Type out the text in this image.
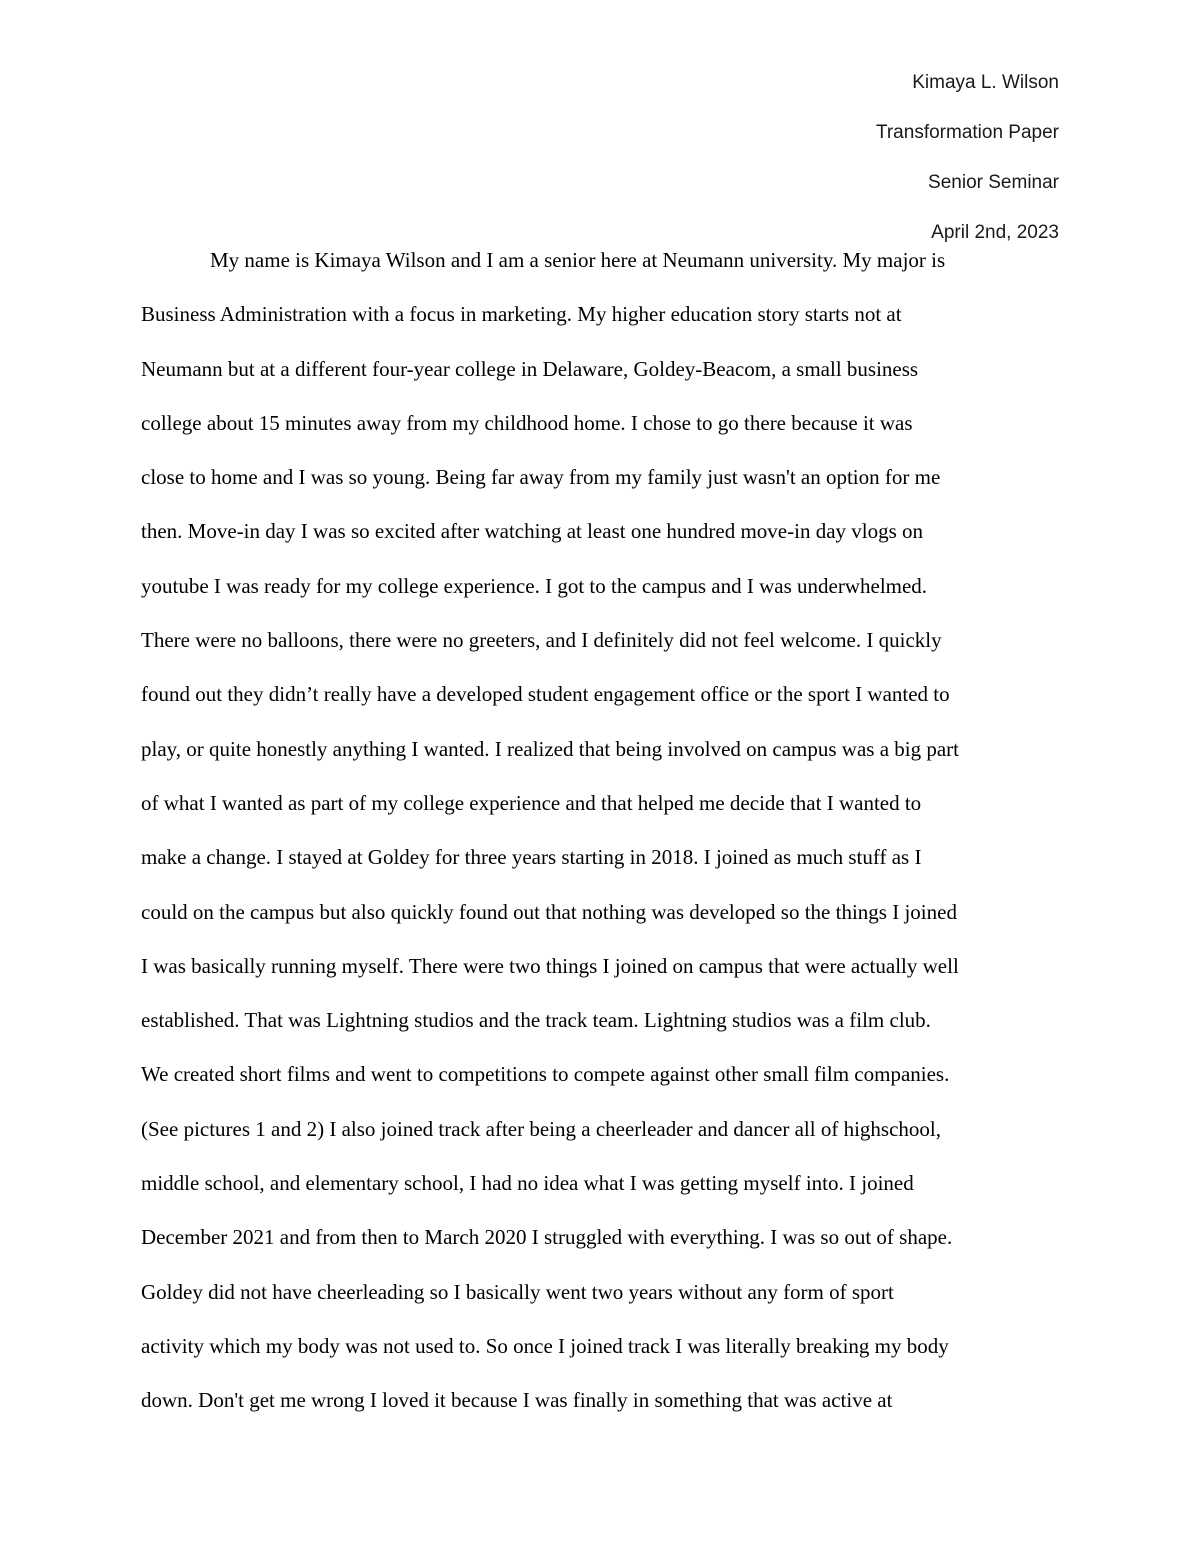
Kimaya L. Wilson
Transformation Paper
Senior Seminar
April 2nd, 2023
My name is Kimaya Wilson and I am a senior here at Neumann university. My major is
Business Administration with a focus in marketing. My higher education story starts not at
Neumann but at a different four-year college in Delaware, Goldey-Beacom, a small business
college about 15 minutes away from my childhood home. I chose to go there because it was
close to home and I was so young. Being far away from my family just wasn't an option for me
then. Move-in day I was so excited after watching at least one hundred move-in day vlogs on
youtube I was ready for my college experience. I got to the campus and I was underwhelmed.
There were no balloons, there were no greeters, and I definitely did not feel welcome. I quickly
found out they didn’t really have a developed student engagement office or the sport I wanted to
play, or quite honestly anything I wanted. I realized that being involved on campus was a big part
of what I wanted as part of my college experience and that helped me decide that I wanted to
make a change. I stayed at Goldey for three years starting in 2018. I joined as much stuff as I
could on the campus but also quickly found out that nothing was developed so the things I joined
I was basically running myself. There were two things I joined on campus that were actually well
established. That was Lightning studios and the track team. Lightning studios was a film club.
We created short films and went to competitions to compete against other small film companies.
(See pictures 1 and 2) I also joined track after being a cheerleader and dancer all of highschool,
middle school, and elementary school, I had no idea what I was getting myself into. I joined
December 2021 and from then to March 2020 I struggled with everything. I was so out of shape.
Goldey did not have cheerleading so I basically went two years without any form of sport
activity which my body was not used to. So once I joined track I was literally breaking my body
down. Don't get me wrong I loved it because I was finally in something that was active at
